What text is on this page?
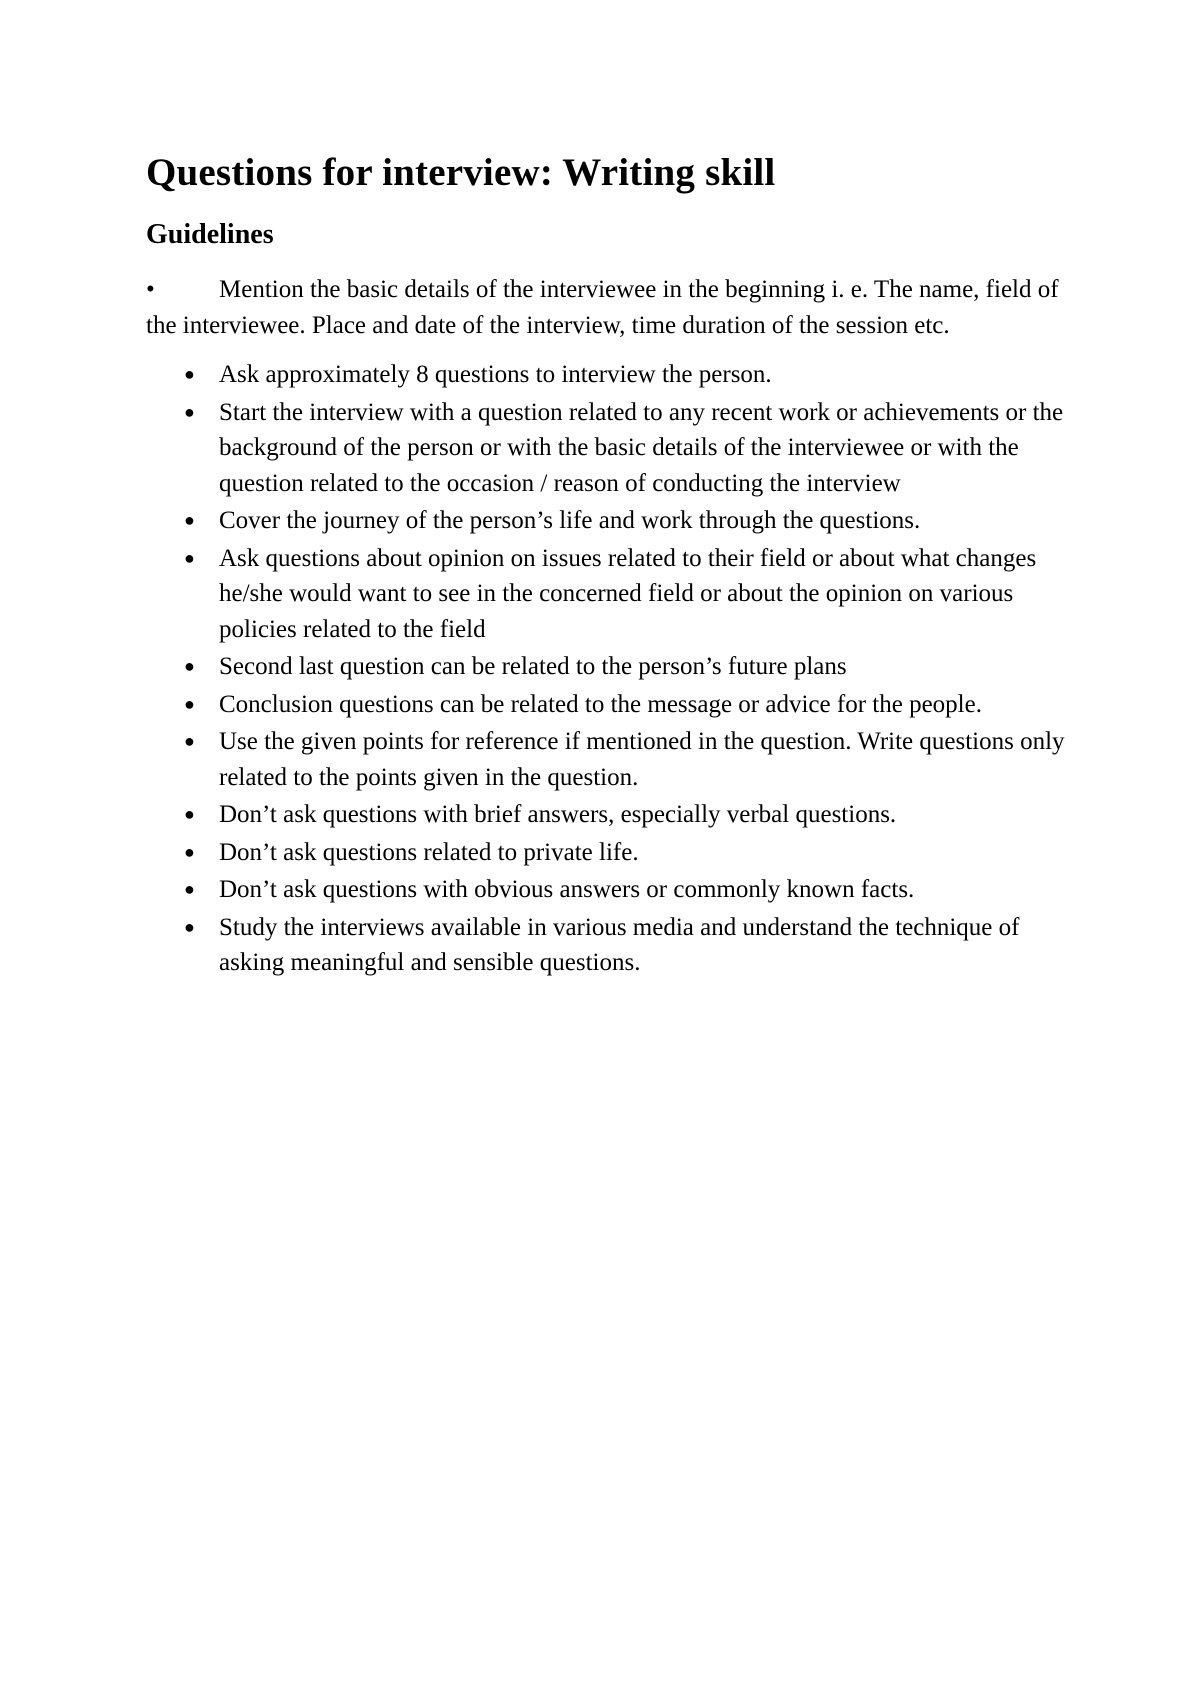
Questions for interview: Writing skill
Guidelines

•	Mention the basic details of the interviewee in the beginning i. e. The name, field of the interviewee. Place and date of the interview, time duration of the session etc.

● Ask approximately 8 questions to interview the person.
● Start the interview with a question related to any recent work or achievements or the background of the person or with the basic details of the interviewee or with the question related to the occasion / reason of conducting the interview
● Cover the journey of the person’s life and work through the questions.
● Ask questions about opinion on issues related to their field or about what changes he/she would want to see in the concerned field or about the opinion on various policies related to the field
● Second last question can be related to the person’s future plans
● Conclusion questions can be related to the message or advice for the people.
● Use the given points for reference if mentioned in the question. Write questions only related to the points given in the question.
● Don’t ask questions with brief answers, especially verbal questions.
● Don’t ask questions related to private life.
● Don’t ask questions with obvious answers or commonly known facts.
● Study the interviews available in various media and understand the technique of asking meaningful and sensible questions.
